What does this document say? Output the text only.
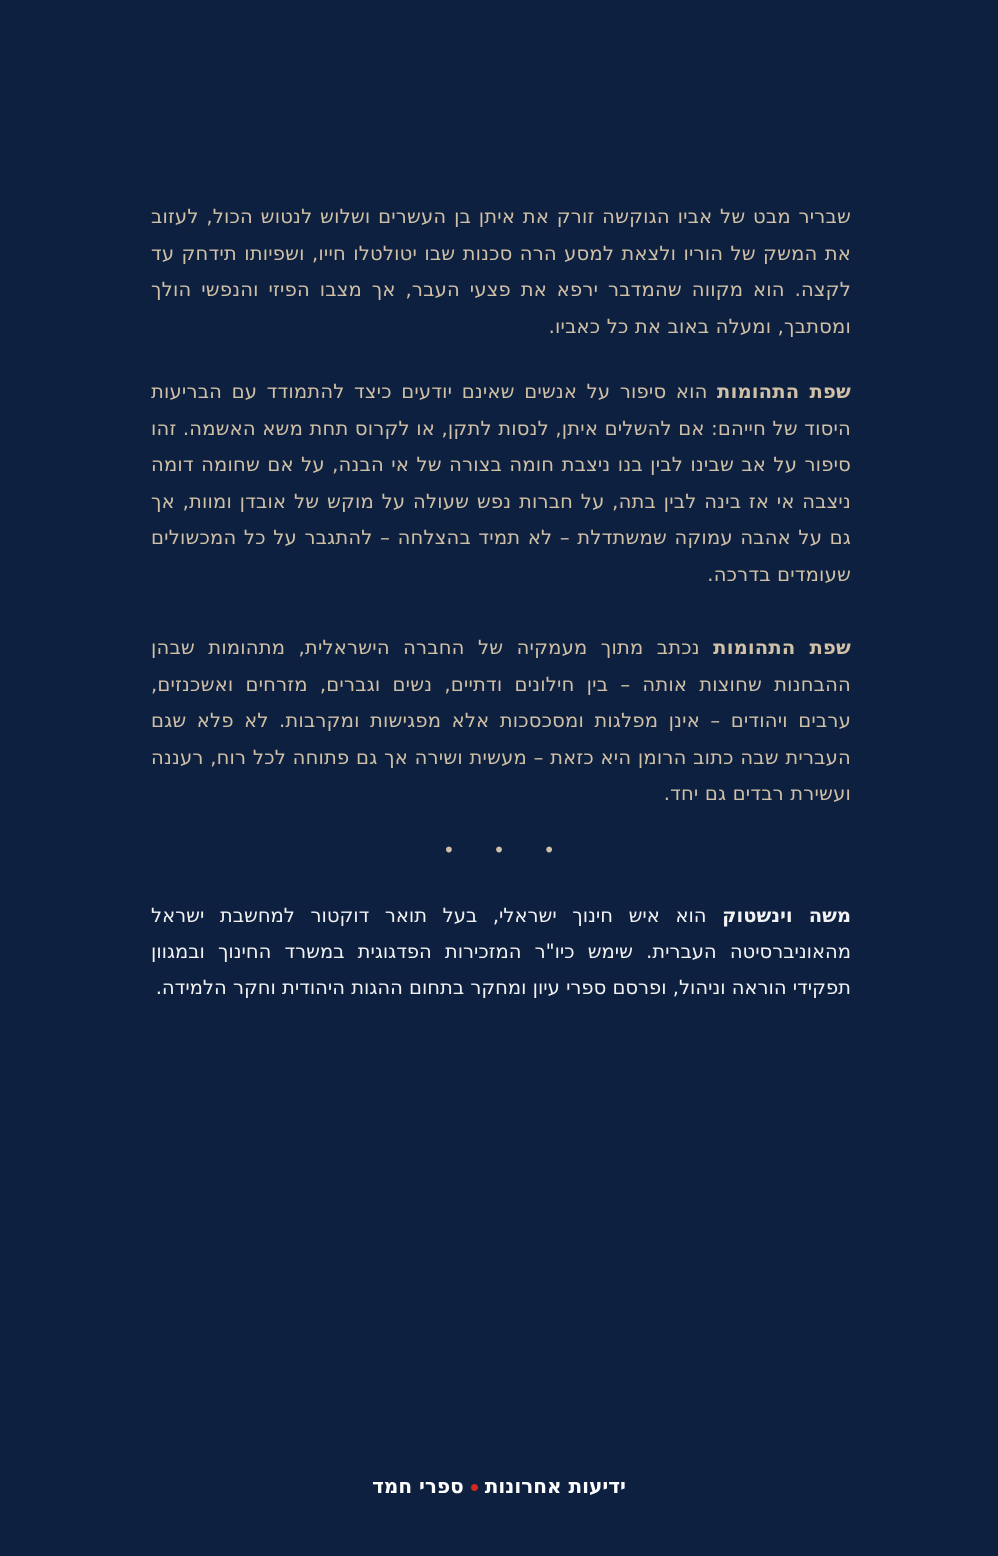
שבריר מבט של אביו הגוקשה זורק את איתן בן העשרים ושלוש לנטוש הכול, לעזוב את המשק של הוריו ולצאת למסע הרה סכנות שבו יטולטלו חייו, ושפיותו תידחק עד לקצה. הוא מקווה שהמדבר ירפא את פצעי העבר, אך מצבו הפיזי והנפשי הולך ומסתבך, ומעלה באוב את כל כאביו.
שפת התהומות הוא סיפור על אנשים שאינם יודעים כיצד להתמודד עם הבריעות היסוד של חייהם: אם להשלים איתן, לנסות לתקן, או לקרוס תחת משא האשמה. זהו סיפור על אב שבינו לבין בנו ניצבת חומה בצורה של אי הבנה, על אם שחומה דומה ניצבה אי אז בינה לבין בתה, על חברות נפש שעולה על מוקש של אובדן ומוות, אך גם על אהבה עמוקה שמשתדלת – לא תמיד בהצלחה – להתגבר על כל המכשולים שעומדים בדרכה.
שפת התהומות נכתב מתוך מעמקיה של החברה הישראלית, מתהומות שבהן ההבחנות שחוצות אותה – בין חילונים ודתיים, נשים וגברים, מזרחים ואשכנזים, ערבים ויהודים – אינן מפלגות ומסכסכות אלא מפגישות ומקרבות. לא פלא שגם העברית שבה כתוב הרומן היא כזאת – מעשית ושירה אך גם פתוחה לכל רוח, רעננה ועשירת רבדים גם יחד.
• • •
משה וינשטוק הוא איש חינוך ישראלי, בעל תואר דוקטור למחשבת ישראל מהאוניברסיטה העברית. שימש כיו"ר המזכירות הפדגוגית במשרד החינוך ובמגוון תפקידי הוראה וניהול, ופרסם ספרי עיון ומחקר בתחום ההגות היהודית וחקר הלמידה.
ידיעות אחרונותספרי חמד
